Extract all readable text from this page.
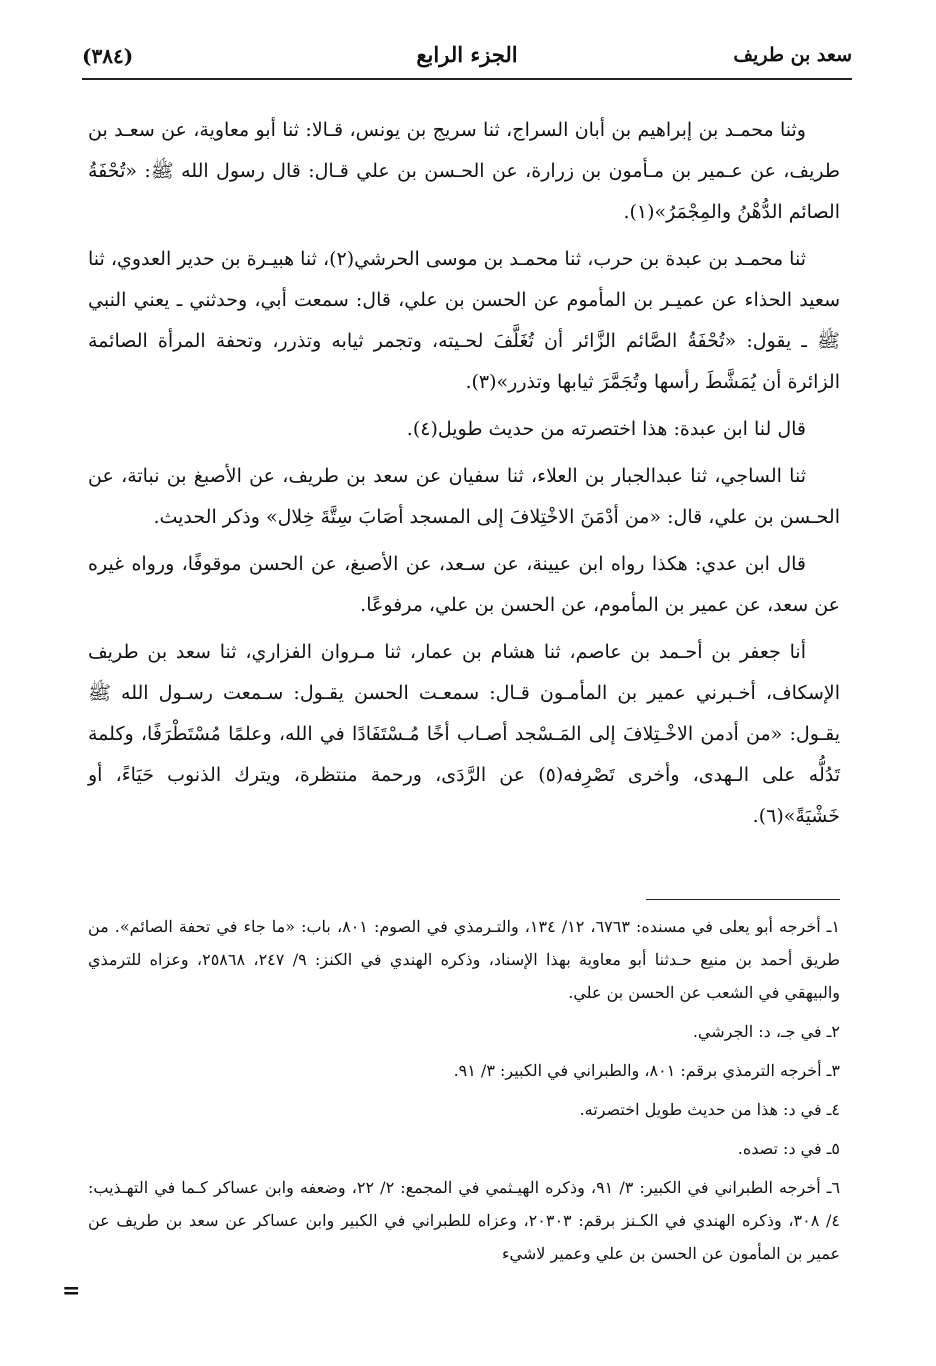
سعد بن طريف
الجزء الرابع
(٣٨٤)

وثنا محمـد بن إبراهيم بن أبان السراج، ثنا سريج بن يونس، قـالا: ثنا أبو معاوية، عن سعـد بن طريف، عن عـمير بن مـأمون بن زرارة، عن الحـسن بن علي قـال: قال رسول الله ﷺ: «تُحْفَةُ الصائم الدُّهْنُ والمِجْمَرُ»(١).

ثنا محمـد بن عبدة بن حرب، ثنا محمـد بن موسى الحرشي(٢)، ثنا هبيـرة بن حدير العدوي، ثنا سعيد الحذاء عن عميـر بن المأموم عن الحسن بن علي، قال: سمعت أبي، وحدثني ـ يعني النبي ﷺ ـ يقول: «تُحْفَةُ الصَّائم الزَّائر أن تُغَلَّفَ لحـيته، وتجمر ثيابه وتذرر، وتحفة المرأة الصائمة الزائرة أن يُمَشَّطَ رأسها وتُجَمَّرَ ثيابها وتذرر»(٣).

قال لنا ابن عبدة: هذا اختصرته من حديث طويل(٤).

ثنا الساجي، ثنا عبدالجبار بن العلاء، ثنا سفيان عن سعد بن طريف، عن الأصبغ بن نباتة، عن الحـسن بن علي، قال: «من أدْمَنَ الاخْتِلافَ إلى المسجد أصَابَ سِتَّةَ خِلال» وذكر الحديث.

قال ابن عدي: هكذا رواه ابن عيينة، عن سـعد، عن الأصبغ، عن الحسن موقوفًا، ورواه غيره عن سعد، عن عمير بن المأموم، عن الحسن بن علي، مرفوعًا.

أنا جعفر بن أحـمد بن عاصم، ثنا هشام بن عمار، ثنا مـروان الفزاري، ثنا سعد بن طريف الإسكاف، أخـبرني عمير بن المأمـون قـال: سمعـت الحسن يقـول: سـمعت رسـول الله ﷺ يقـول: «من أدمن الاخْـتِلافَ إلى المَـسْجد أصـاب أخًا مُـسْتَفَادًا في الله، وعلمًا مُسْتَطْرَفًا، وكلمة تَدُلُّه على الـهدى، وأخرى تَصْرِفه(٥) عن الرَّدَى، ورحمة منتظرة، ويترك الذنوب حَيَاءً، أو خَشْيَةً»(٦).

١ـ أخرجه أبو يعلى في مسنده: ٦٧٦٣، ١٢/ ١٣٤، والتـرمذي في الصوم: ٨٠١، باب: «ما جاء في تحفة الصائم». من طريق أحمد بن منيع حـدثنا أبو معاوية بهذا الإسناد، وذكره الهندي في الكنز: ٩/ ٢٤٧، ٢٥٨٦٨، وعزاه للترمذي والبيهقي في الشعب عن الحسن بن علي.

٢ـ في جـ، د: الجرشي.

٣ـ أخرجه الترمذي برقم: ٨٠١، والطبراني في الكبير: ٣/ ٩١.

٤ـ في د: هذا من حديث طويل اختصرته.

٥ـ في د: تصده.

٦ـ أخرجه الطبراني في الكبير: ٣/ ٩١، وذكره الهيـثمي في المجمع: ٢/ ٢٢، وضعفه وابن عساكر كـما في التهـذيب: ٤/ ٣٠٨، وذكره الهندي في الكـنز برقم: ٢٠٣٠٣، وعزاه للطبراني في الكبير وابن عساكر عن سعد بن طريف عن عمير بن المأمون عن الحسن بن علي وعمير لاشيء

=
